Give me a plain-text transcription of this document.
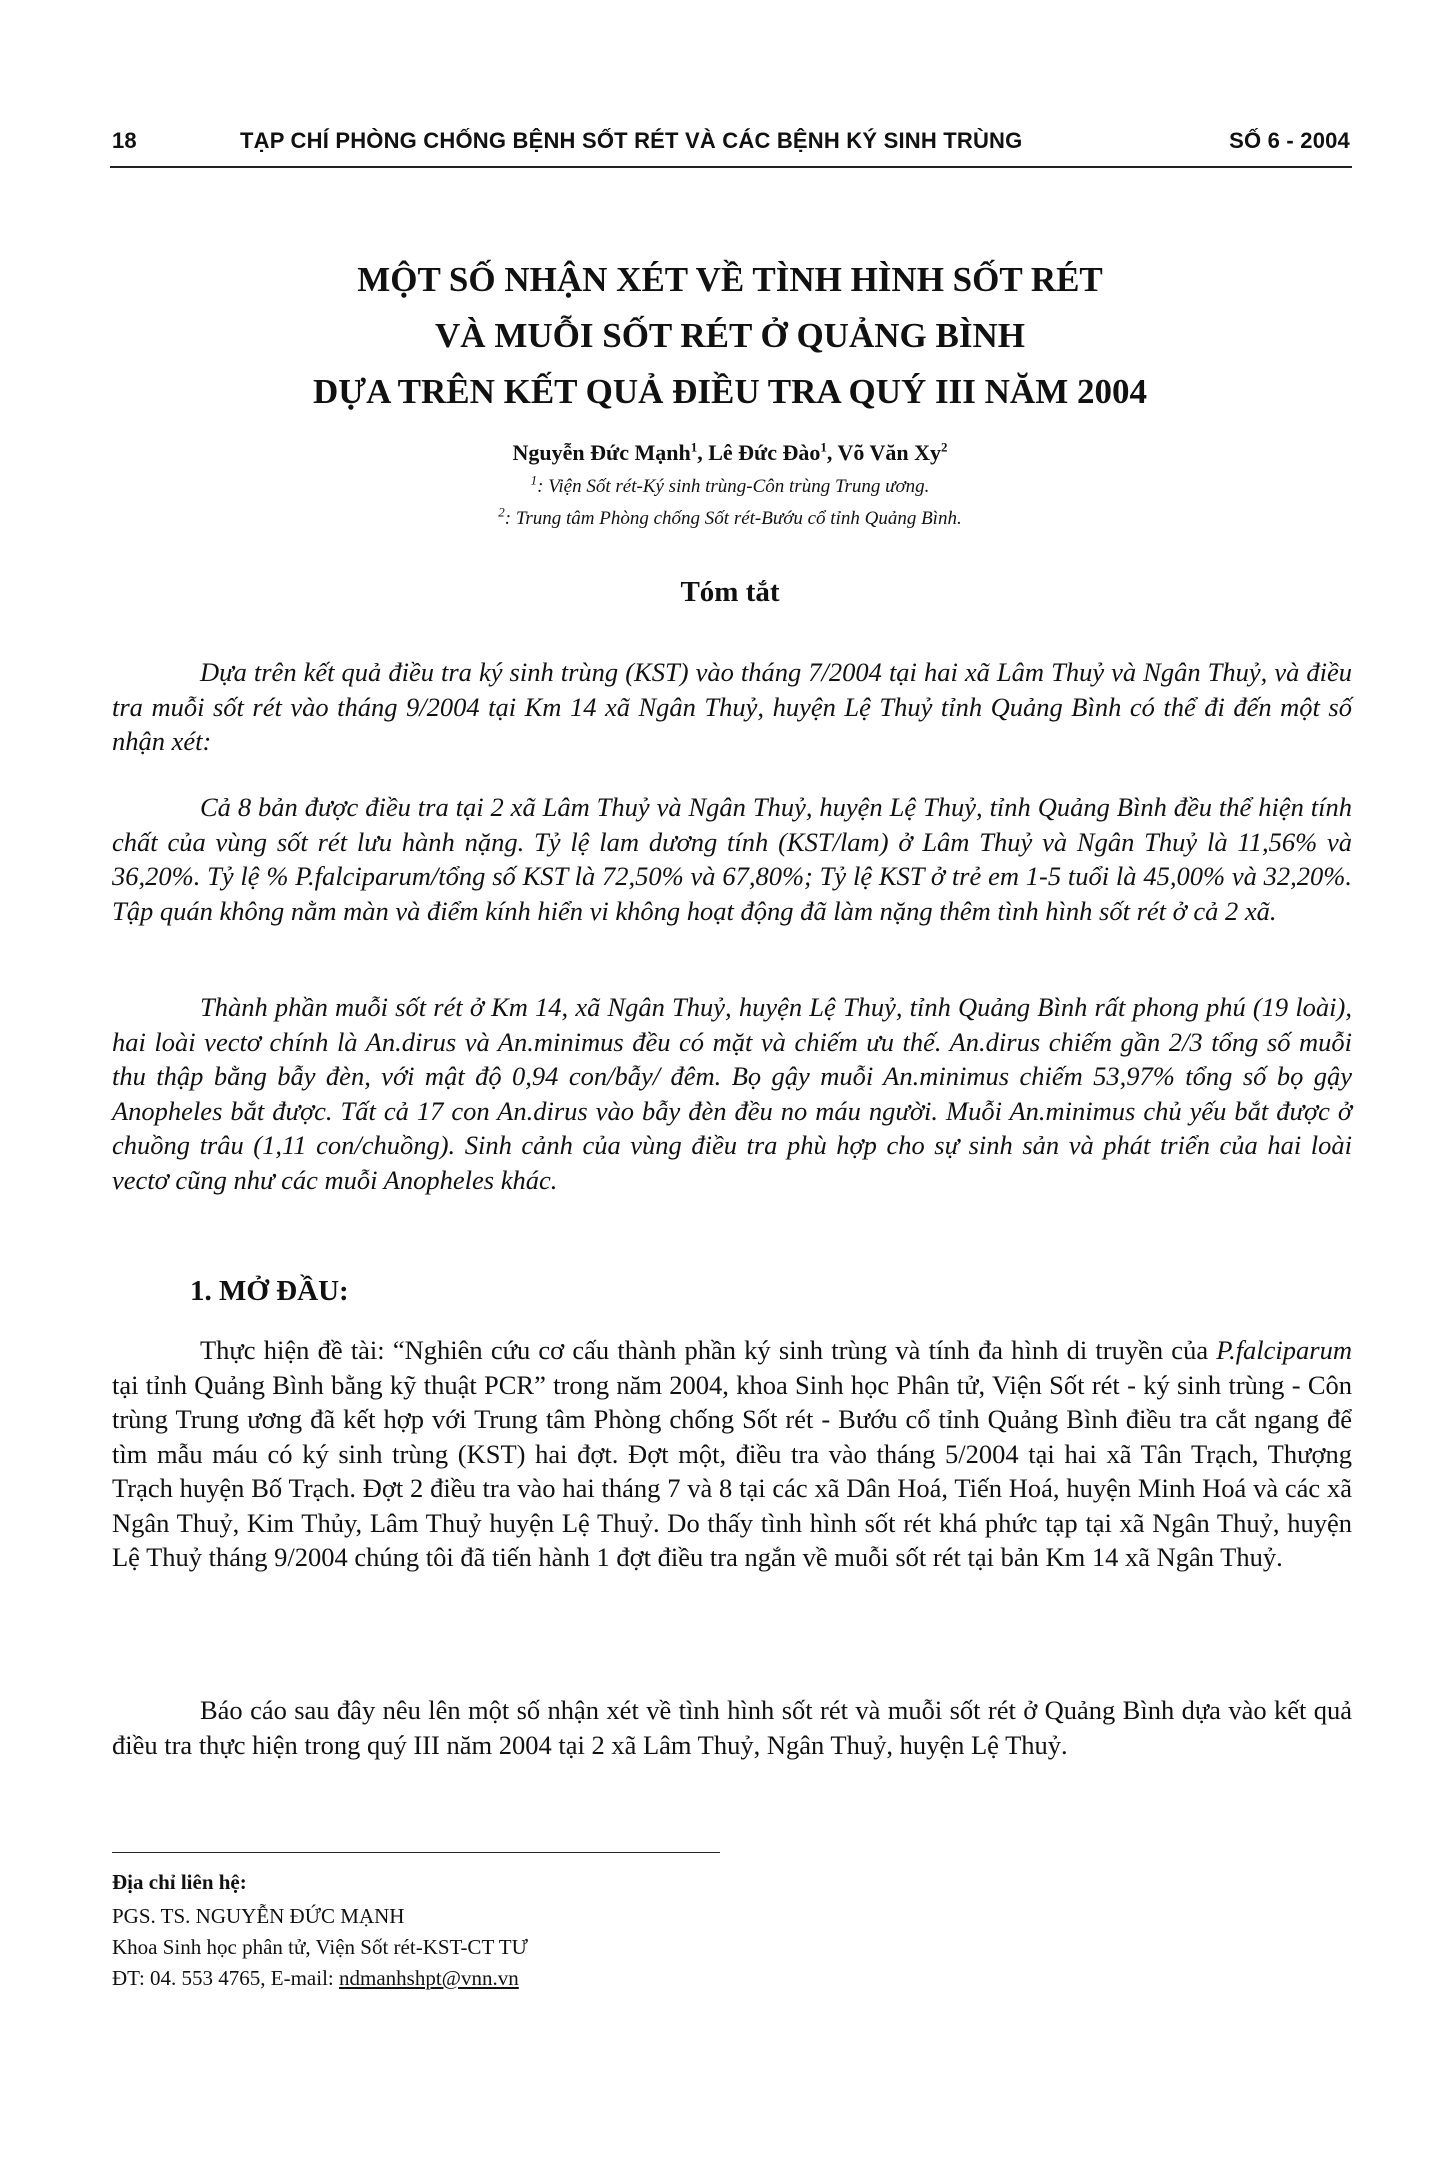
18	TẠP CHÍ PHÒNG CHỐNG BỆNH SỐT RÉT VÀ CÁC BỆNH KÝ SINH TRÙNG	SỐ 6 - 2004
MỘT SỐ NHẬN XÉT VỀ TÌNH HÌNH SỐT RÉT
VÀ MUỖI SỐT RÉT Ở QUẢNG BÌNH
DỰA TRÊN KẾT QUẢ ĐIỀU TRA QUÝ III NĂM 2004
Nguyễn Đức Mạnh$^1$, Lê Đức Đào$^1$, Võ Văn Xy$^2$
$^1$: Viện Sốt rét-Ký sinh trùng-Côn trùng Trung ương.
$^2$: Trung tâm Phòng chống Sốt rét-Bướu cổ tỉnh Quảng Bình.
Tóm tắt

Dựa trên kết quả điều tra ký sinh trùng (KST) vào tháng 7/2004 tại hai xã Lâm Thuỷ và Ngân Thuỷ, và điều tra muỗi sốt rét vào tháng 9/2004 tại Km 14 xã Ngân Thuỷ, huyện Lệ Thuỷ tỉnh Quảng Bình có thể đi đến một số nhận xét:

Cả 8 bản được điều tra tại 2 xã Lâm Thuỷ và Ngân Thuỷ, huyện Lệ Thuỷ, tỉnh Quảng Bình đều thể hiện tính chất của vùng sốt rét lưu hành nặng. Tỷ lệ lam dương tính (KST/lam) ở Lâm Thuỷ và Ngân Thuỷ là 11,56% và 36,20%. Tỷ lệ % P.falciparum/tổng số KST là 72,50% và 67,80%; Tỷ lệ KST ở trẻ em 1-5 tuổi là 45,00% và 32,20%. Tập quán không nằm màn và điểm kính hiển vi không hoạt động đã làm nặng thêm tình hình sốt rét ở cả 2 xã.

Thành phần muỗi sốt rét ở Km 14, xã Ngân Thuỷ, huyện Lệ Thuỷ, tỉnh Quảng Bình rất phong phú (19 loài), hai loài vectơ chính là An.dirus và An.minimus đều có mặt và chiếm ưu thế. An.dirus chiếm gần 2/3 tổng số muỗi thu thập bằng bẫy đèn, với mật độ 0,94 con/bẫy/ đêm. Bọ gậy muỗi An.minimus chiếm 53,97% tổng số bọ gậy Anopheles bắt được. Tất cả 17 con An.dirus vào bẫy đèn đều no máu người. Muỗi An.minimus chủ yếu bắt được ở chuồng trâu (1,11 con/chuồng). Sinh cảnh của vùng điều tra phù hợp cho sự sinh sản và phát triển của hai loài vectơ cũng như các muỗi Anopheles khác.

1. MỞ ĐẦU:

Thực hiện đề tài: “Nghiên cứu cơ cấu thành phần ký sinh trùng và tính đa hình di truyền của P.falciparum tại tỉnh Quảng Bình bằng kỹ thuật PCR” trong năm 2004, khoa Sinh học Phân tử, Viện Sốt rét - ký sinh trùng - Côn trùng Trung ương đã kết hợp với Trung tâm Phòng chống Sốt rét - Bướu cổ tỉnh Quảng Bình điều tra cắt ngang để tìm mẫu máu có ký sinh trùng (KST) hai đợt. Đợt một, điều tra vào tháng 5/2004 tại hai xã Tân Trạch, Thượng Trạch huyện Bố Trạch. Đợt 2 điều tra vào hai tháng 7 và 8 tại các xã Dân Hoá, Tiến Hoá, huyện Minh Hoá và các xã Ngân Thuỷ, Kim Thủy, Lâm Thuỷ huyện Lệ Thuỷ. Do thấy tình hình sốt rét khá phức tạp tại xã Ngân Thuỷ, huyện Lệ Thuỷ tháng 9/2004 chúng tôi đã tiến hành 1 đợt điều tra ngắn về muỗi sốt rét tại bản Km 14 xã Ngân Thuỷ.

Báo cáo sau đây nêu lên một số nhận xét về tình hình sốt rét và muỗi sốt rét ở Quảng Bình dựa vào kết quả điều tra thực hiện trong quý III năm 2004 tại 2 xã Lâm Thuỷ, Ngân Thuỷ, huyện Lệ Thuỷ.

Địa chỉ liên hệ:
PGS. TS. NGUYỄN ĐỨC MẠNH
Khoa Sinh học phân tử, Viện Sốt rét-KST-CT TƯ
ĐT: 04. 553 4765, E-mail: ndmanhshpt@vnn.vn
